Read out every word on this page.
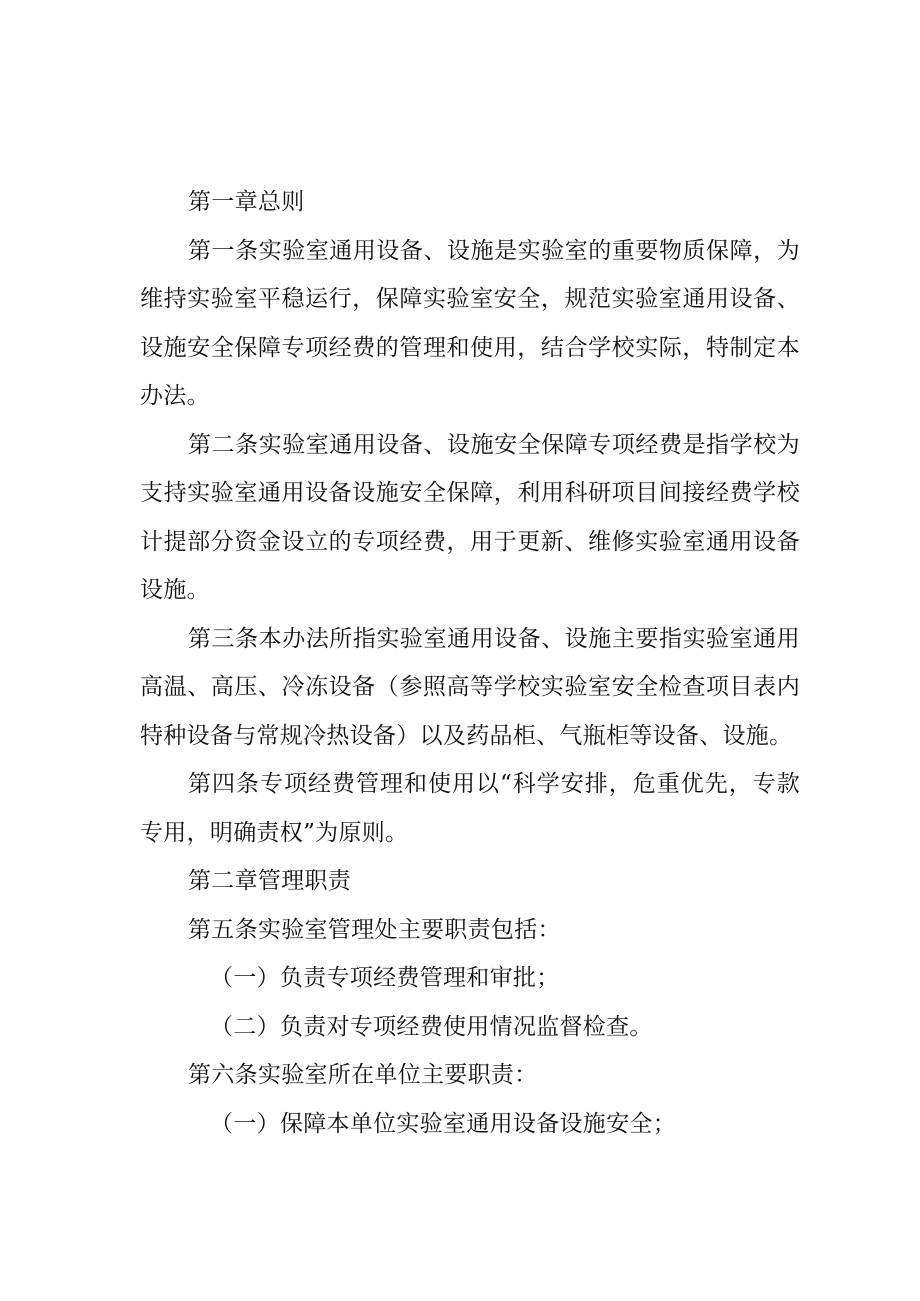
第一章总则

第一条实验室通用设备、设施是实验室的重要物质保障，为维持实验室平稳运行，保障实验室安全，规范实验室通用设备、设施安全保障专项经费的管理和使用，结合学校实际，特制定本办法。

第二条实验室通用设备、设施安全保障专项经费是指学校为支持实验室通用设备设施安全保障，利用科研项目间接经费学校计提部分资金设立的专项经费，用于更新、维修实验室通用设备设施。

第三条本办法所指实验室通用设备、设施主要指实验室通用高温、高压、冷冻设备（参照高等学校实验室安全检查项目表内特种设备与常规冷热设备）以及药品柜、气瓶柜等设备、设施。

第四条专项经费管理和使用以“科学安排，危重优先，专款专用，明确责权”为原则。

第二章管理职责

第五条实验室管理处主要职责包括：

（一）负责专项经费管理和审批；

（二）负责对专项经费使用情况监督检查。

第六条实验室所在单位主要职责：

（一）保障本单位实验室通用设备设施安全；
